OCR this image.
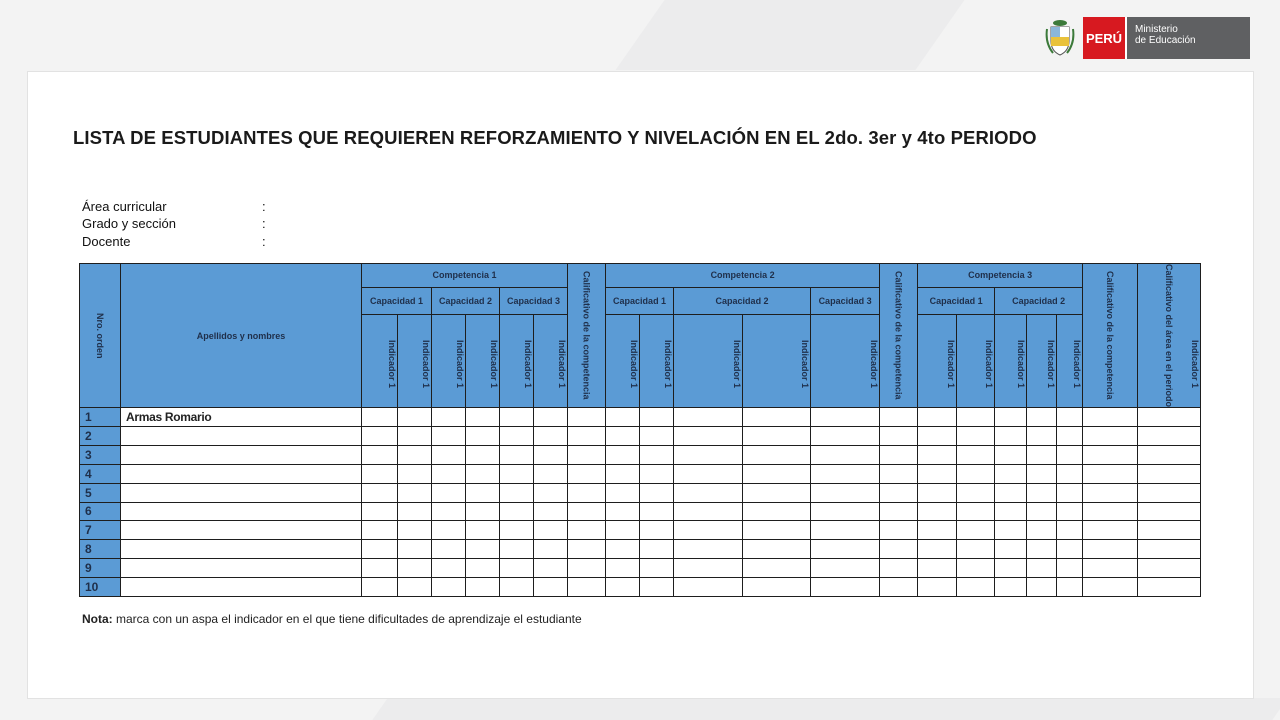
PERÚ
Ministerio
de Educación
LISTA DE ESTUDIANTES QUE REQUIEREN REFORZAMIENTO Y NIVELACIÓN EN EL 2do. 3er y 4to PERIODO
Área curricular	:
Grado y sección	:
Docente	:
Nro. orden	Apellidos y nombres	Competencia 1						Calificativo de la competencia	Competencia 2					Calificativo de la competencia	Competencia 3					Calificativo de la competencia	Calificativo del área en el periodo	
		Capacidad 1		Capacidad 2		Capacidad 3			Capacidad 1		Capacidad 2		Capacidad 3		Capacidad 1		Capacidad 2					
		Indicador 1	Indicador 1	Indicador 1	Indicador 1	Indicador 1	Indicador 1		Indicador 1	Indicador 1	Indicador 1	Indicador 1	Indicador 1		Indicador 1	Indicador 1	Indicador 1	Indicador 1	Indicador 1			Indicador 1
1	Armas Romario																					
2																						
3																						
4																						
5																						
6																						
7																						
8																						
9																						
10																						
Nota: marca con un aspa el indicador en el que tiene dificultades de aprendizaje el estudiante
